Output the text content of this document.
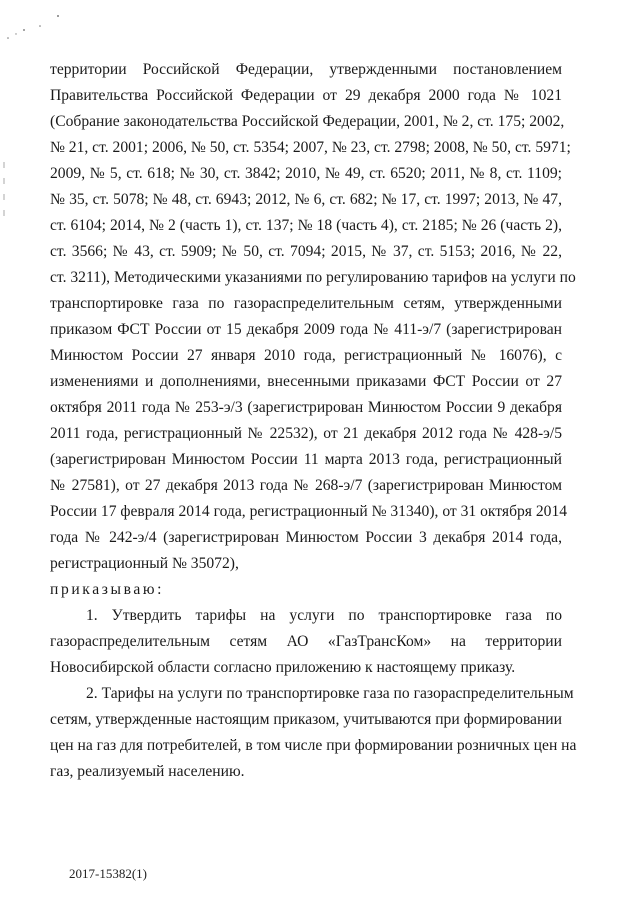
территории Российской Федерации, утвержденными постановлением
Правительства Российской Федерации от 29 декабря 2000 года № 1021
(Собрание законодательства Российской Федерации, 2001, № 2, ст. 175; 2002,
№ 21, ст. 2001; 2006, № 50, ст. 5354; 2007, № 23, ст. 2798; 2008, № 50, ст. 5971;
2009, № 5, ст. 618; № 30, ст. 3842; 2010, № 49, ст. 6520; 2011, № 8, ст. 1109;
№ 35, ст. 5078; № 48, ст. 6943; 2012, № 6, ст. 682; № 17, ст. 1997; 2013, № 47,
ст. 6104; 2014, № 2 (часть 1), ст. 137; № 18 (часть 4), ст. 2185; № 26 (часть 2),
ст. 3566; № 43, ст. 5909; № 50, ст. 7094; 2015, № 37, ст. 5153; 2016, № 22,
ст. 3211), Методическими указаниями по регулированию тарифов на услуги по
транспортировке газа по газораспределительным сетям, утвержденными
приказом ФСТ России от 15 декабря 2009 года № 411-э/7 (зарегистрирован
Минюстом России 27 января 2010 года, регистрационный № 16076), с
изменениями и дополнениями, внесенными приказами ФСТ России от 27
октября 2011 года № 253-э/3 (зарегистрирован Минюстом России 9 декабря
2011 года, регистрационный № 22532), от 21 декабря 2012 года № 428-э/5
(зарегистрирован Минюстом России 11 марта 2013 года, регистрационный
№ 27581), от 27 декабря 2013 года № 268-э/7 (зарегистрирован Минюстом
России 17 февраля 2014 года, регистрационный № 31340), от 31 октября 2014
года № 242-э/4 (зарегистрирован Минюстом России 3 декабря 2014 года,
регистрационный № 35072),
приказываю:
1. Утвердить тарифы на услуги по транспортировке газа по
газораспределительным сетям АО «ГазТрансКом» на территории
Новосибирской области согласно приложению к настоящему приказу.
2. Тарифы на услуги по транспортировке газа по газораспределительным
сетям, утвержденные настоящим приказом, учитываются при формировании
цен на газ для потребителей, в том числе при формировании розничных цен на
газ, реализуемый населению.
2017-15382(1)
